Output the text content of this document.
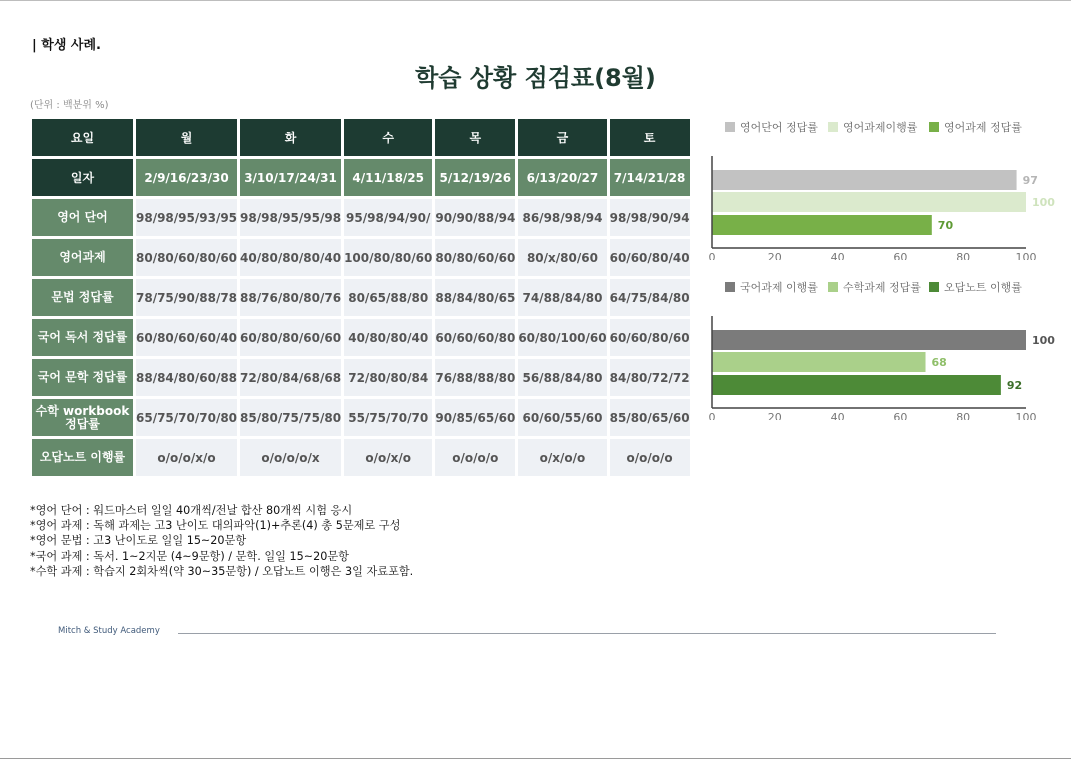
| 학생 사례.
학습 상황 점검표(8월)
(단위 : 백분위 %)
요일	월	화	수	목	금	토
일자	2/9/16/23/30	3/10/17/24/31	4/11/18/25	5/12/19/26	6/13/20/27	7/14/21/28
영어 단어	98/98/95/93/95	98/98/95/95/98	95/98/94/90/	90/90/88/94	86/98/98/94	98/98/90/94
영어과제	80/80/60/80/60	40/80/80/80/40	100/80/80/60	80/80/60/60	80/x/80/60	60/60/80/40
문법 정답률	78/75/90/88/78	88/76/80/80/76	80/65/88/80	88/84/80/65	74/88/84/80	64/75/84/80
국어 독서 정답률	60/80/60/60/40	60/80/80/60/60	40/80/80/40	60/60/60/80	60/80/100/60	60/60/80/60
국어 문학 정답률	88/84/80/60/88	72/80/84/68/68	72/80/80/84	76/88/88/80	56/88/84/80	84/80/72/72
수학 workbook 정답률	65/75/70/70/80	85/80/75/75/80	55/75/70/70	90/85/65/60	60/60/55/60	85/80/65/60
오답노트 이행률	o/o/o/x/o	o/o/o/o/x	o/o/x/o	o/o/o/o	o/x/o/o	o/o/o/o
영어단어 정답률 영어과제이행률 영어과제 정답률
97
100
70
0	20	40	60	80	100
국어과제 이행률 수학과제 정답률 오답노트 이행률
100
68
92
0	20	40	60	80	100
*영어 단어 : 워드마스터 일일 40개씩/전날 합산 80개씩 시험 응시
*영어 과제 : 독해 과제는 고3 난이도 대의파악(1)+추론(4) 총 5문제로 구성
*영어 문법 : 고3 난이도로 일일 15~20문항
*국어 과제 : 독서. 1~2지문 (4~9문항) / 문학. 일일 15~20문항
*수학 과제 : 학습지 2회차씩(약 30~35문항) / 오답노트 이행은 3일 자료포함.
Mitch & Study Academy
